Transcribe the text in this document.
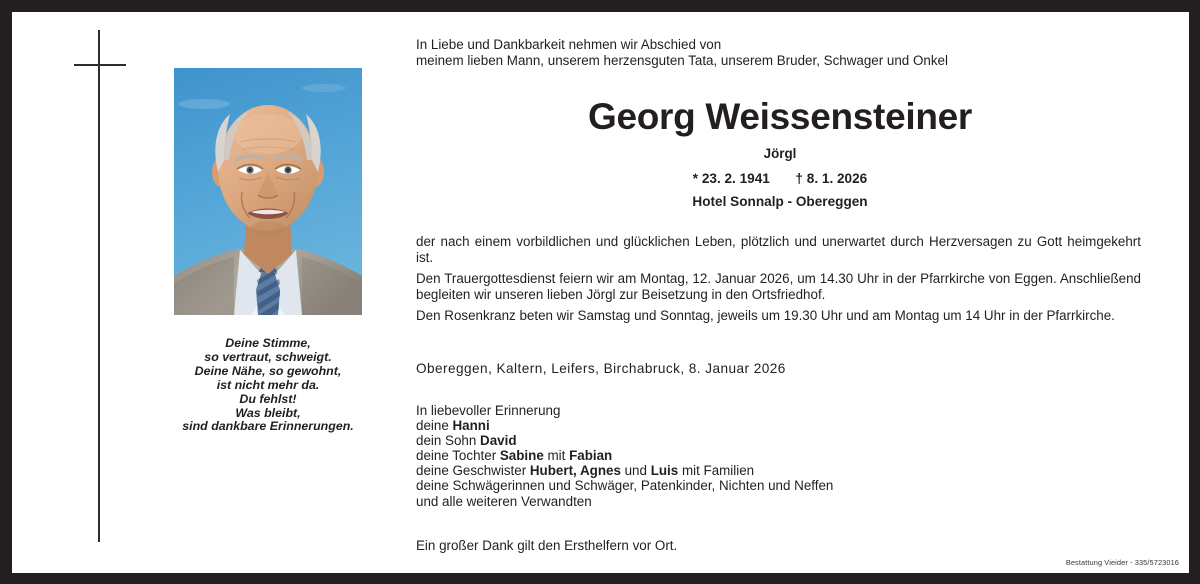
Deine Stimme,
so vertraut, schweigt.
Deine Nähe, so gewohnt,
ist nicht mehr da.
Du fehlst!
Was bleibt,
sind dankbare Erinnerungen.
In Liebe und Dankbarkeit nehmen wir Abschied von
meinem lieben Mann, unserem herzensguten Tata, unserem Bruder, Schwager und Onkel
Georg Weissensteiner
Jörgl
* 23. 2. 1941 † 8. 1. 2026
Hotel Sonnalp - Obereggen
der nach einem vorbildlichen und glücklichen Leben, plötzlich und unerwartet durch Herzversagen zu Gott heimgekehrt ist.
Den Trauergottesdienst feiern wir am Montag, 12. Januar 2026, um 14.30 Uhr in der Pfarrkirche von Eggen. Anschließend begleiten wir unseren lieben Jörgl zur Beisetzung in den Ortsfriedhof.
Den Rosenkranz beten wir Samstag und Sonntag, jeweils um 19.30 Uhr und am Montag um 14 Uhr in der Pfarrkirche.
Obereggen, Kaltern, Leifers, Birchabruck, 8. Januar 2026
In liebevoller Erinnerung
deine Hanni
dein Sohn David
deine Tochter Sabine mit Fabian
deine Geschwister Hubert, Agnes und Luis mit Familien
deine Schwägerinnen und Schwäger, Patenkinder, Nichten und Neffen
und alle weiteren Verwandten
Ein großer Dank gilt den Ersthelfern vor Ort.
Bestattung Vieider - 335/5723016
